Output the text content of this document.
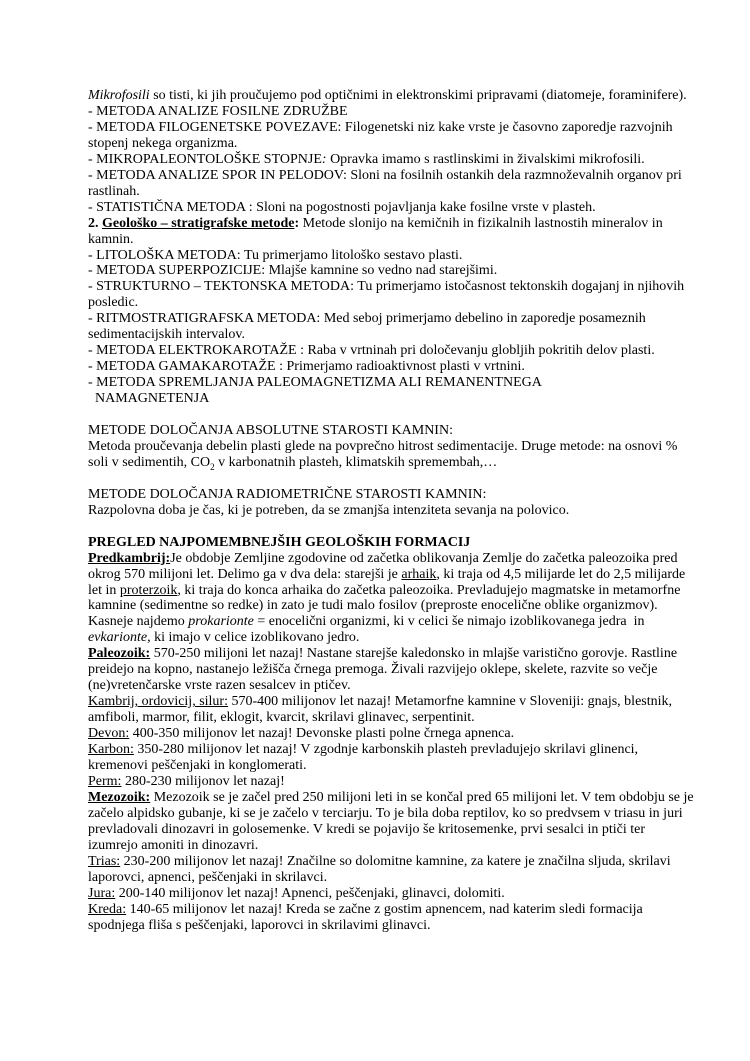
Mikrofosili so tisti, ki jih proučujemo pod optičnimi in elektronskimi pripravami (diatomeje, foraminifere).
- METODA ANALIZE FOSILNE ZDRUŽBE
- METODA FILOGENETSKE POVEZAVE: Filogenetski niz kake vrste je časovno zaporedje razvojnih stopenj nekega organizma.
- MIKROPALEONTOLOŠKE STOPNJE: Opravka imamo s rastlinskimi in živalskimi mikrofosili.
- METODA ANALIZE SPOR IN PELODOV: Sloni na fosilnih ostankih dela razmnoževalnih organov pri rastlinah.
- STATISTIČNA METODA : Sloni na pogostnosti pojavljanja kake fosilne vrste v plasteh.
2. Geološko – stratigrafske metode: Metode slonijo na kemičnih in fizikalnih lastnostih mineralov in kamnin.
- LITOLOŠKA METODA: Tu primerjamo litološko sestavo plasti.
- METODA SUPERPOZICIJE: Mlajše kamnine so vedno nad starejšimi.
- STRUKTURNO – TEKTONSKA METODA: Tu primerjamo istočasnost tektonskih dogajanj in njihovih posledic.
- RITMOSTRATIGRAFSKA METODA: Med seboj primerjamo debelino in zaporedje posameznih sedimentacijskih intervalov.
- METODA ELEKTROKAROTAŽE : Raba v vrtninah pri določevanju globljih pokritih delov plasti.
- METODA GAMAKAROTAŽE : Primerjamo radioaktivnost plasti v vrtnini.
- METODA SPREMLJANJA PALEOMAGNETIZMA ALI REMANENTNEGA
NAMAGNETENJA
METODE DOLOČANJA ABSOLUTNE STAROSTI KAMNIN:
Metoda proučevanja debelin plasti glede na povprečno hitrost sedimentacije. Druge metode: na osnovi % soli v sedimentih, $CO_2$ v karbonatnih plasteh, klimatskih spremembah,…
METODE DOLOČANJA RADIOMETRIČNE STAROSTI KAMNIN:
Razpolovna doba je čas, ki je potreben, da se zmanjša intenziteta sevanja na polovico.
PREGLED NAJPOMEMBNEJŠIH GEOLOŠKIH FORMACIJ
Predkambrij:Je obdobje Zemljine zgodovine od začetka oblikovanja Zemlje do začetka paleozoika pred okrog 570 milijoni let. Delimo ga v dva dela: starejši je arhaik, ki traja od 4,5 milijarde let do 2,5 milijarde let in proterzoik, ki traja do konca arhaika do začetka paleozoika. Prevladujejo magmatske in metamorfne kamnine (sedimentne so redke) in zato je tudi malo fosilov (preproste enocelične oblike organizmov). Kasneje najdemo prokarionte = enocelični organizmi, ki v celici še nimajo izoblikovanega jedra  in evkarionte, ki imajo v celice izoblikovano jedro.
Paleozoik: 570-250 milijoni let nazaj! Nastane starejše kaledonsko in mlajše varistično gorovje. Rastline preidejo na kopno, nastanejo ležišča črnega premoga. Živali razvijejo oklepe, skelete, razvite so večje (ne)vretenčarske vrste razen sesalcev in ptičev.
Kambrij, ordovicij, silur: 570-400 milijonov let nazaj! Metamorfne kamnine v Sloveniji: gnajs, blestnik, amfiboli, marmor, filit, eklogit, kvarcit, skrilavi glinavec, serpentinit.
Devon: 400-350 milijonov let nazaj! Devonske plasti polne črnega apnenca.
Karbon: 350-280 milijonov let nazaj! V zgodnje karbonskih plasteh prevladujejo skrilavi glinenci, kremenovi peščenjaki in konglomerati.
Perm: 280-230 milijonov let nazaj!
Mezozoik: Mezozoik se je začel pred 250 milijoni leti in se končal pred 65 milijoni let. V tem obdobju se je začelo alpidsko gubanje, ki se je začelo v terciarju. To je bila doba reptilov, ko so predvsem v triasu in juri prevladovali dinozavri in golosemenke. V kredi se pojavijo še kritosemenke, prvi sesalci in ptiči ter izumrejo amoniti in dinozavri.
Trias: 230-200 milijonov let nazaj! Značilne so dolomitne kamnine, za katere je značilna sljuda, skrilavi laporovci, apnenci, peščenjaki in skrilavci.
Jura: 200-140 milijonov let nazaj! Apnenci, peščenjaki, glinavci, dolomiti.
Kreda: 140-65 milijonov let nazaj! Kreda se začne z gostim apnencem, nad katerim sledi formacija spodnjega fliša s peščenjaki, laporovci in skrilavimi glinavci.
